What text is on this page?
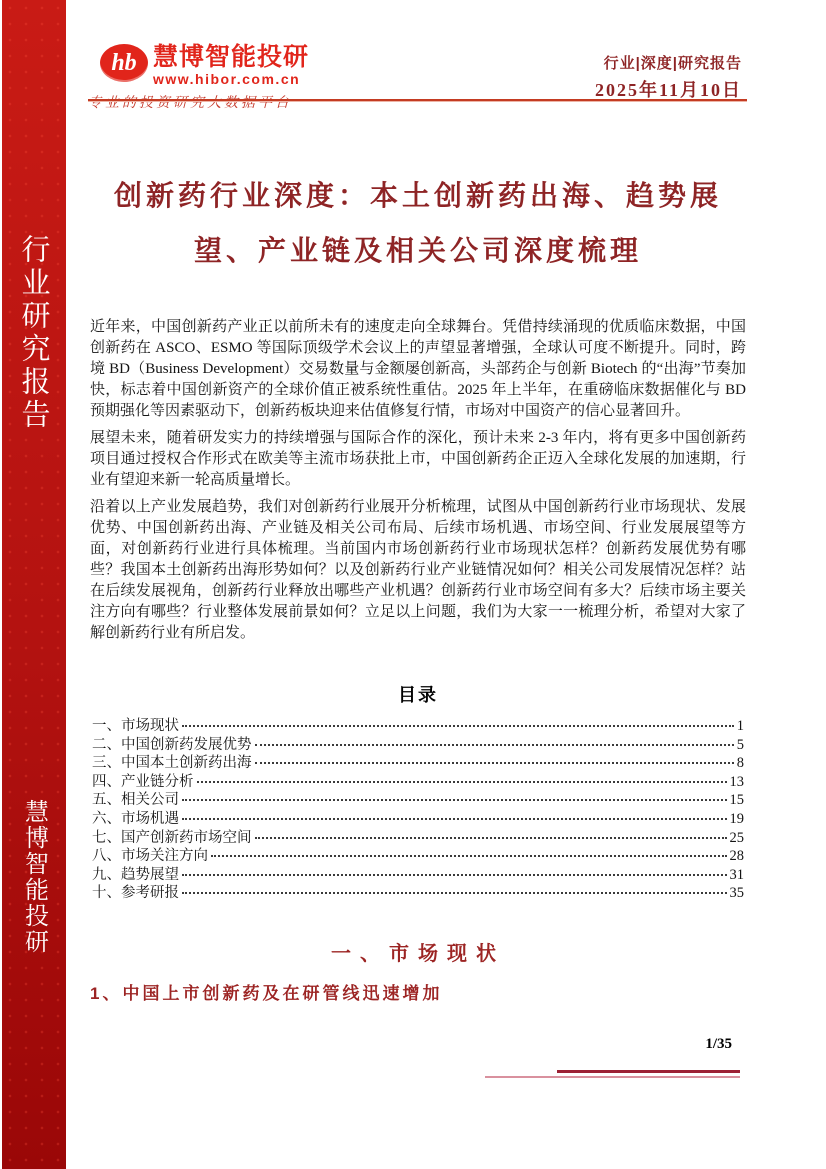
行业研究报告
慧博智能投研
hb 慧博智能投研
www.hibor.com.cn
专业的投资研究大数据平台
行业|深度|研究报告
2025年11月10日
创新药行业深度：本土创新药出海、趋势展
望、产业链及相关公司深度梳理

近年来，中国创新药产业正以前所未有的速度走向全球舞台。凭借持续涌现的优质临床数据，中国创新药在 ASCO、ESMO 等国际顶级学术会议上的声望显著增强，全球认可度不断提升。同时，跨境 BD（Business Development）交易数量与金额屡创新高，头部药企与创新 Biotech 的“出海”节奏加快，标志着中国创新资产的全球价值正被系统性重估。2025 年上半年，在重磅临床数据催化与 BD 预期强化等因素驱动下，创新药板块迎来估值修复行情，市场对中国资产的信心显著回升。

展望未来，随着研发实力的持续增强与国际合作的深化，预计未来 2-3 年内，将有更多中国创新药项目通过授权合作形式在欧美等主流市场获批上市，中国创新药企正迈入全球化发展的加速期，行业有望迎来新一轮高质量增长。

沿着以上产业发展趋势，我们对创新药行业展开分析梳理，试图从中国创新药行业市场现状、发展优势、中国创新药出海、产业链及相关公司布局、后续市场机遇、市场空间、行业发展展望等方面，对创新药行业进行具体梳理。当前国内市场创新药行业市场现状怎样？创新药发展优势有哪些？我国本土创新药出海形势如何？以及创新药行业产业链情况如何？相关公司发展情况怎样？站在后续发展视角，创新药行业释放出哪些产业机遇？创新药行业市场空间有多大？后续市场主要关注方向有哪些？行业整体发展前景如何？立足以上问题，我们为大家一一梳理分析，希望对大家了解创新药行业有所启发。

目录
一、市场现状	1
二、中国创新药发展优势	5
三、中国本土创新药出海	8
四、产业链分析	13
五、相关公司	15
六、市场机遇	19
七、国产创新药市场空间	25
八、市场关注方向	28
九、趋势展望	31
十、参考研报	35
一、市场现状
1、中国上市创新药及在研管线迅速增加
1/35
